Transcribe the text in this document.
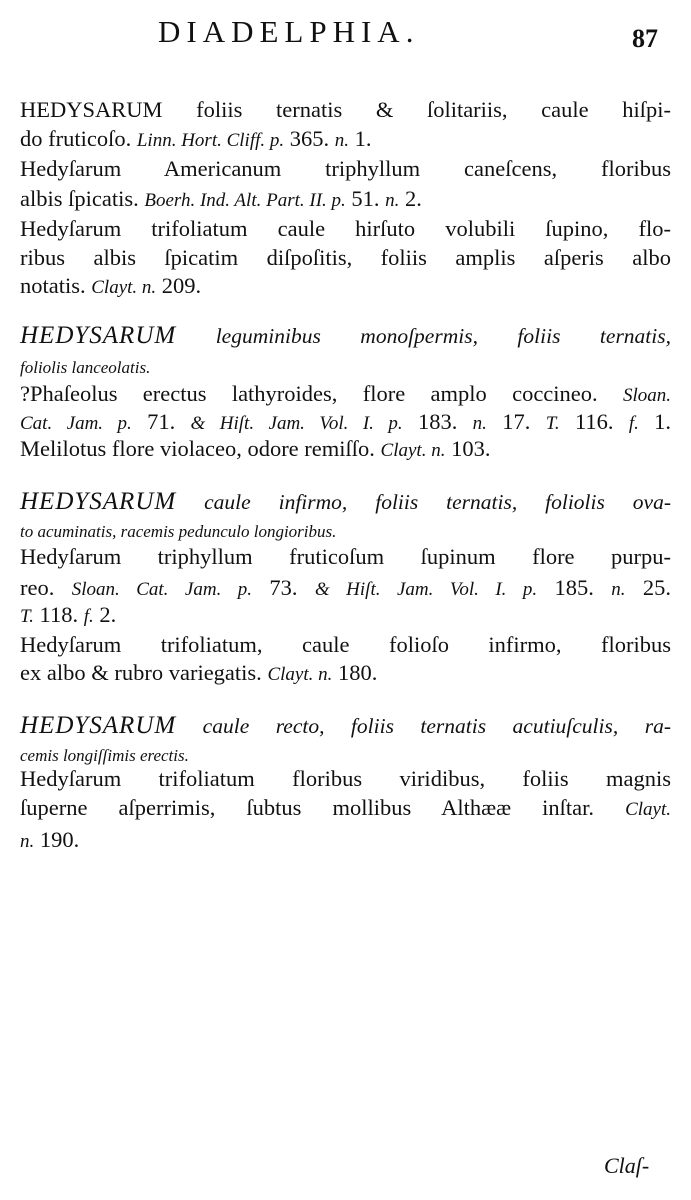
DIADELPHIA.	87
HEDYSARUM foliis ternatis & ſolitariis, caule hiſpi-
do fruticoſo. Linn. Hort. Cliff. p. 365. n. 1.
Hedyſarum Americanum triphyllum caneſcens, floribus
albis ſpicatis. Boerh. Ind. Alt. Part. II. p. 51. n. 2.
Hedyſarum trifoliatum caule hirſuto volubili ſupino, flo-
ribus albis ſpicatim diſpoſitis, foliis amplis aſperis albo
notatis. Clayt. n. 209.
HEDYSARUM leguminibus monoſpermis, foliis ternatis,
foliolis lanceolatis.
?Phaſeolus erectus lathyroides, flore amplo coccineo. Sloan.
Cat. Jam. p. 71. & Hiſt. Jam. Vol. I. p. 183. n. 17. T. 116. f. 1.
Melilotus flore violaceo, odore remiſſo. Clayt. n. 103.
HEDYSARUM caule infirmo, foliis ternatis, foliolis ova-
to acuminatis, racemis pedunculo longioribus.
Hedyſarum triphyllum fruticoſum ſupinum flore purpu-
reo. Sloan. Cat. Jam. p. 73. & Hiſt. Jam. Vol. I. p. 185. n. 25.
T. 118. f. 2.
Hedyſarum trifoliatum, caule folioſo infirmo, floribus
ex albo & rubro variegatis. Clayt. n. 180.
HEDYSARUM caule recto, foliis ternatis acutiuſculis, ra-
cemis longiſſimis erectis.
Hedyſarum trifoliatum floribus viridibus, foliis magnis
ſuperne aſperrimis, ſubtus mollibus Althææ inſtar. Clayt.
n. 190.
Claſ-
